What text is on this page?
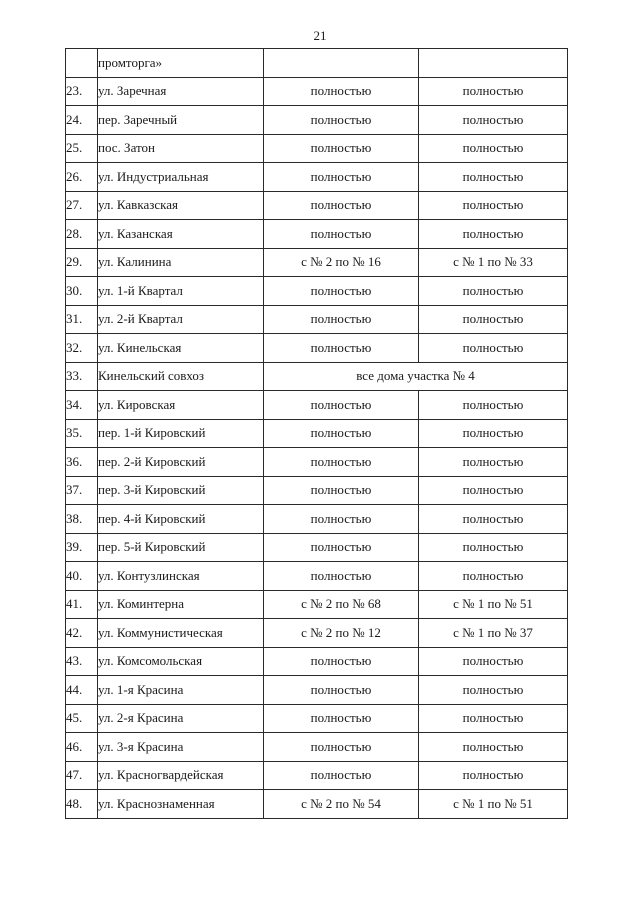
21
	промторга»		
23.	ул. Заречная	полностью	полностью
24.	пер. Заречный	полностью	полностью
25.	пос. Затон	полностью	полностью
26.	ул. Индустриальная	полностью	полностью
27.	ул. Кавказская	полностью	полностью
28.	ул. Казанская	полностью	полностью
29.	ул. Калинина	с № 2 по № 16	с № 1 по № 33
30.	ул. 1-й Квартал	полностью	полностью
31.	ул. 2-й Квартал	полностью	полностью
32.	ул. Кинельская	полностью	полностью
33.	Кинельский совхоз	все дома участка № 4	
34.	ул. Кировская	полностью	полностью
35.	пер. 1-й Кировский	полностью	полностью
36.	пер. 2-й Кировский	полностью	полностью
37.	пер. 3-й Кировский	полностью	полностью
38.	пер. 4-й Кировский	полностью	полностью
39.	пер. 5-й Кировский	полностью	полностью
40.	ул. Контузлинская	полностью	полностью
41.	ул. Коминтерна	с № 2 по № 68	с № 1 по № 51
42.	ул. Коммунистическая	с № 2 по № 12	с № 1 по № 37
43.	ул. Комсомольская	полностью	полностью
44.	ул. 1-я Красина	полностью	полностью
45.	ул. 2-я Красина	полностью	полностью
46.	ул. 3-я Красина	полностью	полностью
47.	ул. Красногвардейская	полностью	полностью
48.	ул. Краснознаменная	с № 2 по № 54	с № 1 по № 51
